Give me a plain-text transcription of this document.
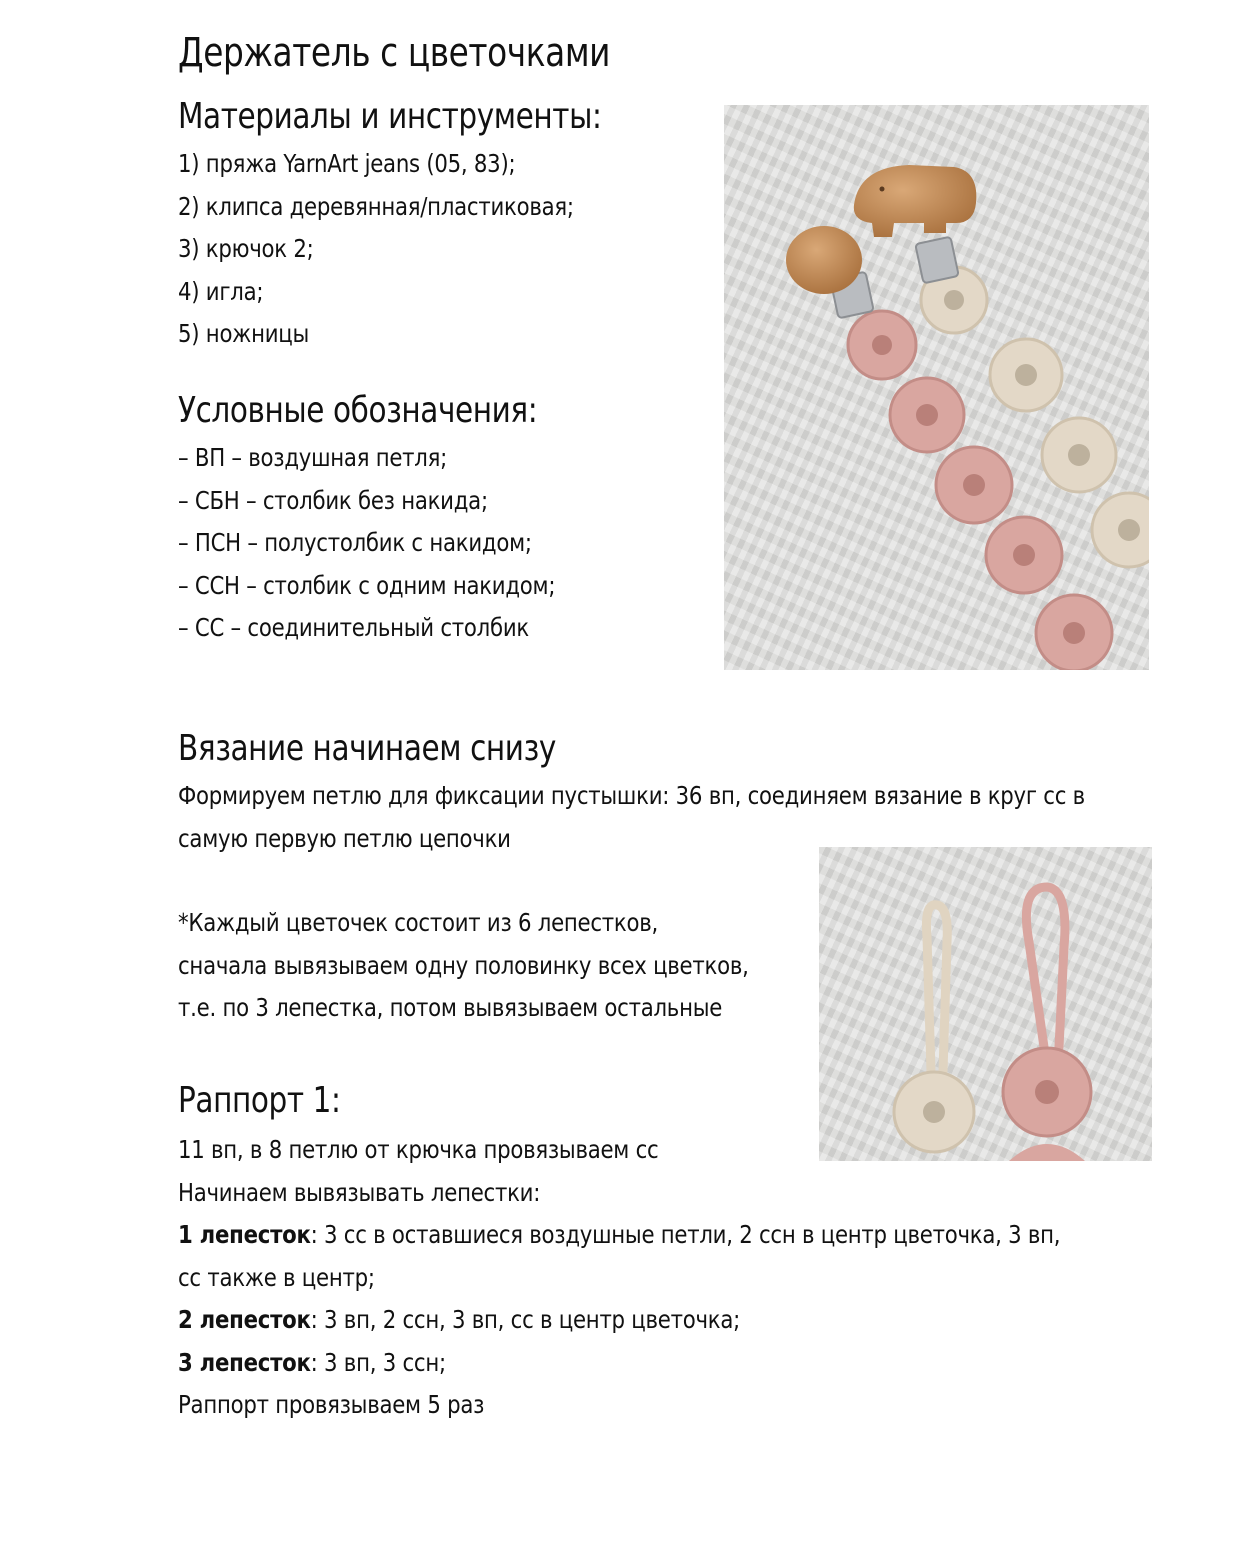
Держатель с цветочками
Материалы и инструменты:
1) пряжа YarnArt jeans (05, 83);
2) клипса деревянная/пластиковая;
3) крючок 2;
4) игла;
5) ножницы
Условные обозначения:
– ВП – воздушная петля;
– СБН – столбик без накида;
– ПСН – полустолбик с накидом;
– ССН – столбик с одним накидом;
– СС – соединительный столбик
Вязание начинаем снизу
Формируем петлю для фиксации пустышки: 36 вп, соединяем вязание в круг сс в
самую первую петлю цепочки
*Каждый цветочек состоит из 6 лепестков,
сначала вывязываем одну половинку всех цветков,
т.е. по 3 лепестка, потом вывязываем остальные
Раппорт 1:
11 вп, в 8 петлю от крючка провязываем сс
Начинаем вывязывать лепестки:
1 лепесток: 3 сс в оставшиеся воздушные петли, 2 ссн в центр цветочка, 3 вп,
сс также в центр;
2 лепесток: 3 вп, 2 ссн, 3 вп, сс в центр цветочка;
3 лепесток: 3 вп, 3 ссн;
Раппорт провязываем 5 раз
